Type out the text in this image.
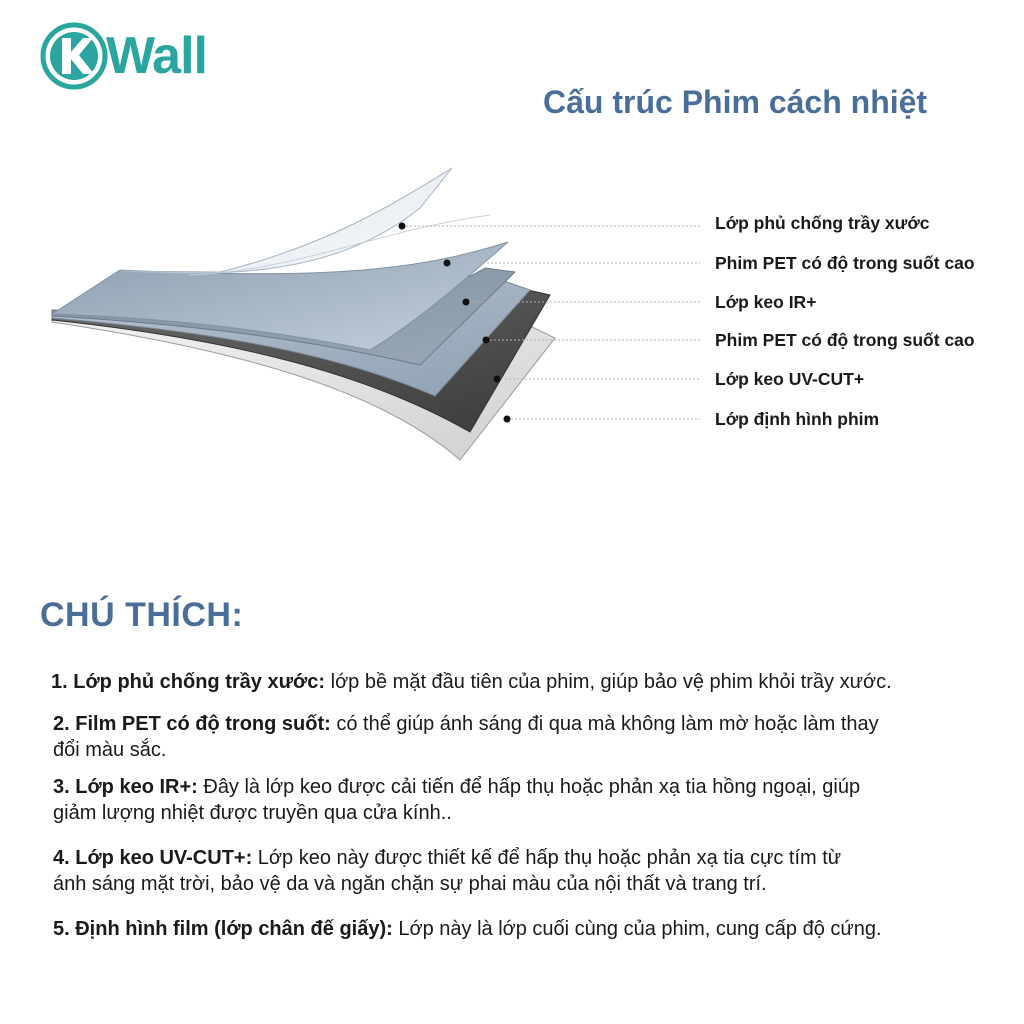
Wall
Cấu trúc Phim cách nhiệt
Lớp phủ chống trầy xước
Phim PET có độ trong suốt cao
Lớp keo IR+
Phim PET có độ trong suốt cao
Lớp keo UV-CUT+
Lớp định hình phim
CHÚ THÍCH:
1. Lớp phủ chống trầy xước: lớp bề mặt đầu tiên của phim, giúp bảo vệ phim khỏi trầy xước.
2. Film PET có độ trong suốt: có thể giúp ánh sáng đi qua mà không làm mờ hoặc làm thay
đổi màu sắc.
3. Lớp keo IR+: Đây là lớp keo được cải tiến để hấp thụ hoặc phản xạ tia hồng ngoại, giúp
giảm lượng nhiệt được truyền qua cửa kính..
4. Lớp keo UV-CUT+: Lớp keo này được thiết kế để hấp thụ hoặc phản xạ tia cực tím từ
ánh sáng mặt trời, bảo vệ da và ngăn chặn sự phai màu của nội thất và trang trí.
5. Định hình film (lớp chân đế giấy): Lớp này là lớp cuối cùng của phim, cung cấp độ cứng.
